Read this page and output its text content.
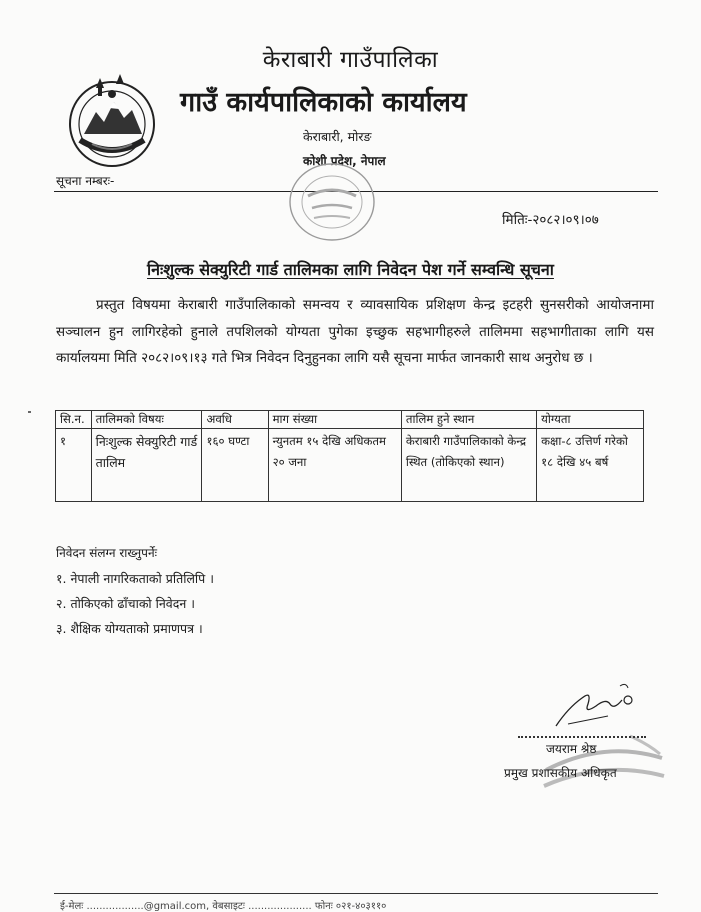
केराबारी गाउँपालिका
गाउँ कार्यपालिकाको कार्यालय
केराबारी, मोरङ
कोशी प्रदेश, नेपाल
सूचना नम्बरः-
मितिः-२०८२।०९।०७
निःशुल्क सेक्युरिटी गार्ड तालिमका लागि निवेदन पेश गर्ने सम्वन्धि सूचना
प्रस्तुत विषयमा केराबारी गाउँपालिकाको समन्वय र व्यावसायिक प्रशिक्षण केन्द्र इटहरी सुनसरीको आयोजनामा सञ्चालन हुन लागिरहेको हुनाले तपशिलको योग्यता पुगेका इच्छुक सहभागीहरुले तालिममा सहभागीताका लागि यस कार्यालयमा मिति २०८२।०९।१३ गते भित्र निवेदन दिनुहुनका लागि यसै सूचना मार्फत जानकारी साथ अनुरोध छ ।
सि.न.	तालिमको विषयः	अवधि	माग संख्या	तालिम हुने स्थान	योग्यता
१	निःशुल्क सेक्युरिटी गार्ड तालिम	१६० घण्टा	न्युनतम १५ देखि अधिकतम २० जना	केराबारी गाउँपालिकाको केन्द्र स्थित (तोकिएको स्थान)	कक्षा-८ उत्तिर्ण गरेको १८ देखि ४५ बर्ष
निवेदन संलग्न राख्नुपर्नेः
१. नेपाली नागरिकताको प्रतिलिपि ।
२. तोकिएको ढाँचाको निवेदन ।
३. शैक्षिक योग्यताको प्रमाणपत्र ।
जयराम श्रेष्ठ
प्रमुख प्रशासकीय अधिकृत
ई-मेलः ..................@gmail.com, वेबसाइटः .................... फोनः ०२१-४०३११०
